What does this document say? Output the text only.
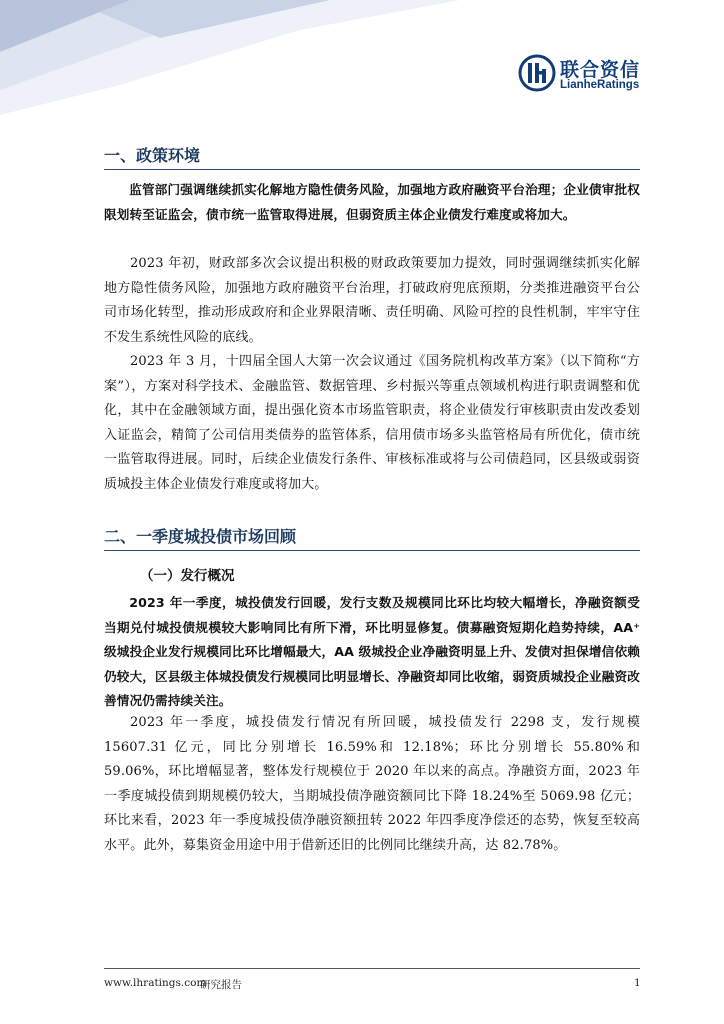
联合资信
LianheRatings
一、政策环境

监管部门强调继续抓实化解地方隐性债务风险，加强地方政府融资平台治理；企业债审批权限划转至证监会，债市统一监管取得进展，但弱资质主体企业债发行难度或将加大。

2023 年初，财政部多次会议提出积极的财政政策要加力提效，同时强调继续抓实化解地方隐性债务风险，加强地方政府融资平台治理，打破政府兜底预期，分类推进融资平台公司市场化转型，推动形成政府和企业界限清晰、责任明确、风险可控的良性机制，牢牢守住不发生系统性风险的底线。

2023 年 3 月，十四届全国人大第一次会议通过《国务院机构改革方案》（以下简称“方案”），方案对科学技术、金融监管、数据管理、乡村振兴等重点领域机构进行职责调整和优化，其中在金融领域方面，提出强化资本市场监管职责，将企业债发行审核职责由发改委划入证监会，精简了公司信用类债券的监管体系，信用债市场多头监管格局有所优化，债市统一监管取得进展。同时，后续企业债发行条件、审核标准或将与公司债趋同，区县级或弱资质城投主体企业债发行难度或将加大。

二、一季度城投债市场回顾
（一）发行概况

2023 年一季度，城投债发行回暖，发行支数及规模同比环比均较大幅增长，净融资额受当期兑付城投债规模较大影响同比有所下滑，环比明显修复。债募融资短期化趋势持续，AA⁺级城投企业发行规模同比环比增幅最大，AA 级城投企业净融资明显上升、发债对担保增信依赖仍较大，区县级主体城投债发行规模同比明显增长、净融资却同比收缩，弱资质城投企业融资改善情况仍需持续关注。

2023 年一季度，城投债发行情况有所回暖，城投债发行 2298 支，发行规模 15607.31 亿元，同比分别增长 16.59%和 12.18%；环比分别增长 55.80%和 59.06%，环比增幅显著，整体发行规模位于 2020 年以来的高点。净融资方面，2023 年一季度城投债到期规模仍较大，当期城投债净融资额同比下降 18.24%至 5069.98 亿元；环比来看，2023 年一季度城投债净融资额扭转 2022 年四季度净偿还的态势，恢复至较高水平。此外，募集资金用途中用于借新还旧的比例同比继续升高，达 82.78%。

www.lhratings.com
研究报告	1
